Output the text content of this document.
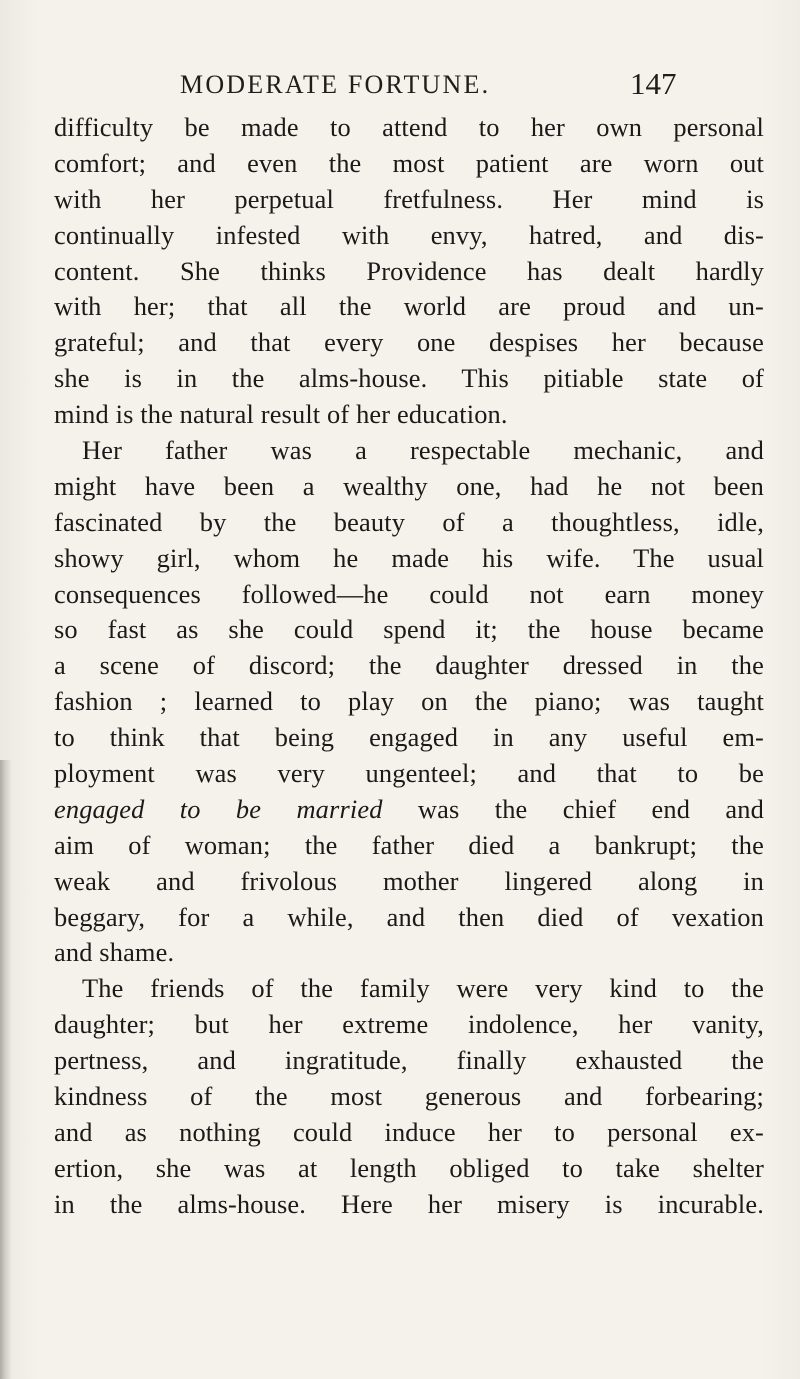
MODERATE FORTUNE.	147
difficulty be made to attend to her own personal
comfort; and even the most patient are worn out
with her perpetual fretfulness. Her mind is
continually infested with envy, hatred, and dis-
content. She thinks Providence has dealt hardly
with her; that all the world are proud and un-
grateful; and that every one despises her because
she is in the alms-house. This pitiable state of
mind is the natural result of her education.
Her father was a respectable mechanic, and
might have been a wealthy one, had he not been
fascinated by the beauty of a thoughtless, idle,
showy girl, whom he made his wife. The usual
consequences followed—he could not earn money
so fast as she could spend it; the house became
a scene of discord; the daughter dressed in the
fashion ; learned to play on the piano; was taught
to think that being engaged in any useful em-
ployment was very ungenteel; and that to be
engaged to be married was the chief end and
aim of woman; the father died a bankrupt; the
weak and frivolous mother lingered along in
beggary, for a while, and then died of vexation
and shame.
The friends of the family were very kind to the
daughter; but her extreme indolence, her vanity,
pertness, and ingratitude, finally exhausted the
kindness of the most generous and forbearing;
and as nothing could induce her to personal ex-
ertion, she was at length obliged to take shelter
in the alms-house. Here her misery is incurable.
